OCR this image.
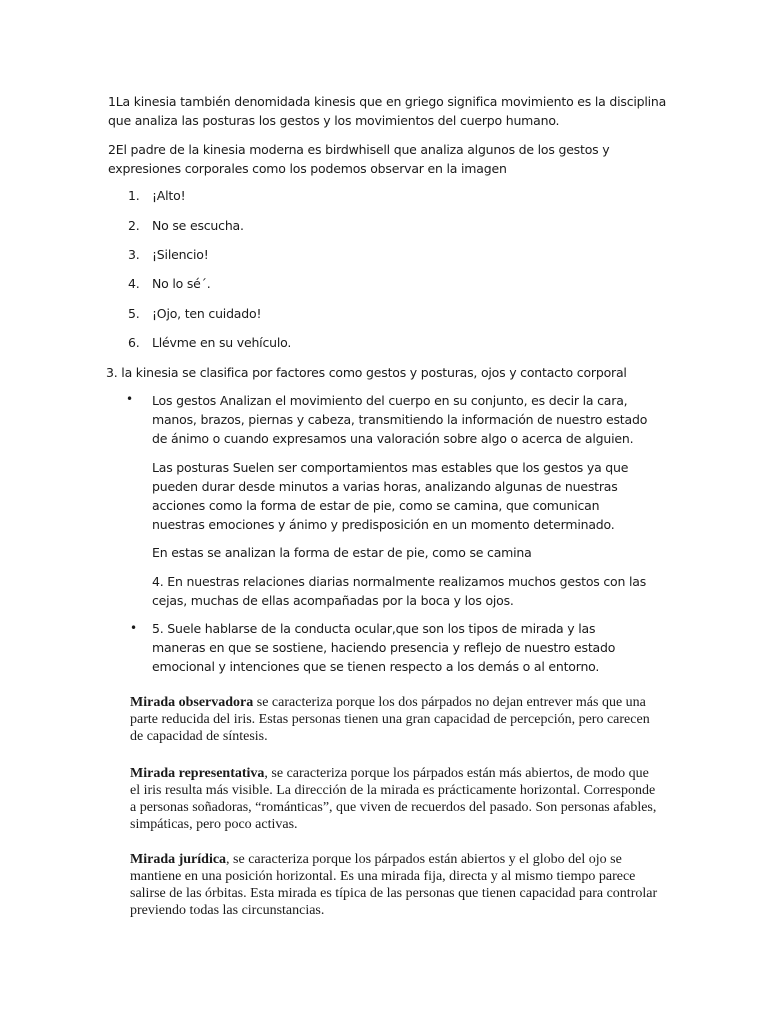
1La kinesia también denomidada kinesis que en griego significa movimiento es la disciplina que analiza las posturas los gestos y los movimientos del cuerpo humano.
2El padre de la kinesia moderna es birdwhisell que analiza algunos de los gestos y expresiones corporales como los podemos observar en la imagen
1. ¡Alto!
2. No se escucha.
3. ¡Silencio!
4. No lo sé´.
5. ¡Ojo, ten cuidado!
6. Llévme en su vehículo.
3. la kinesia se clasifica por factores como gestos y posturas, ojos y contacto corporal
• Los gestos Analizan el movimiento del cuerpo en su conjunto, es decir la cara, manos, brazos, piernas y cabeza, transmitiendo la información de nuestro estado de ánimo o cuando expresamos una valoración sobre algo o acerca de alguien.
Las posturas Suelen ser comportamientos mas estables que los gestos ya que pueden durar desde minutos a varias horas, analizando algunas de nuestras acciones como la forma de estar de pie, como se camina, que comunican nuestras emociones y ánimo y predisposición en un momento determinado.
En estas se analizan la forma de estar de pie, como se camina
4. En nuestras relaciones diarias normalmente realizamos muchos gestos con las cejas, muchas de ellas acompañadas por la boca y los ojos.
• 5. Suele hablarse de la conducta ocular,que son los tipos de mirada y las maneras en que se sostiene, haciendo presencia y reflejo de nuestro estado emocional y intenciones que se tienen respecto a los demás o al entorno.
Mirada observadora se caracteriza porque los dos párpados no dejan entrever más que una parte reducida del iris. Estas personas tienen una gran capacidad de percepción, pero carecen de capacidad de síntesis.
Mirada representativa, se caracteriza porque los párpados están más abiertos, de modo que el iris resulta más visible. La dirección de la mirada es prácticamente horizontal. Corresponde a personas soñadoras, “románticas”, que viven de recuerdos del pasado. Son personas afables, simpáticas, pero poco activas.
Mirada jurídica, se caracteriza porque los párpados están abiertos y el globo del ojo se mantiene en una posición horizontal. Es una mirada fija, directa y al mismo tiempo parece salirse de las órbitas. Esta mirada es típica de las personas que tienen capacidad para controlar previendo todas las circunstancias.
